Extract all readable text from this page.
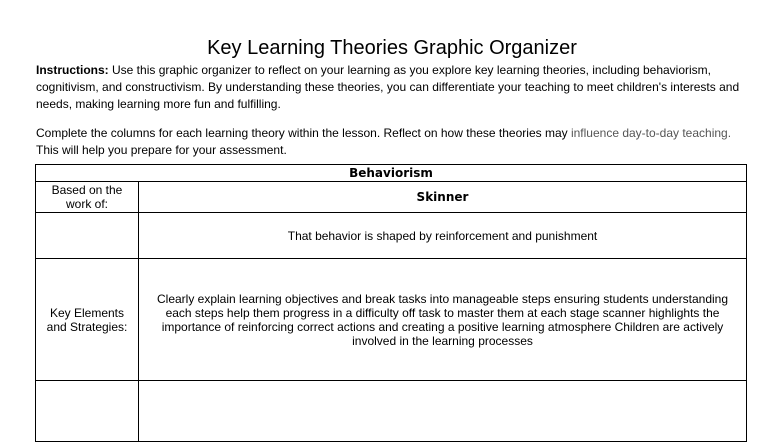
Key Learning Theories Graphic Organizer
Instructions: Use this graphic organizer to reflect on your learning as you explore key learning theories, including behaviorism, cognitivism, and constructivism. By understanding these theories, you can differentiate your teaching to meet children's interests and needs, making learning more fun and fulfilling.
Complete the columns for each learning theory within the lesson. Reflect on how these theories may influence day-to-day teaching. This will help you prepare for your assessment.
Behaviorism	
Based on the work of:	Skinner
	That behavior is shaped by reinforcement and punishment
Key Elements and Strategies:	Clearly explain learning objectives and break tasks into manageable steps ensuring students understanding each steps help them progress in a difficulty off task to master them at each stage scanner highlights the importance of reinforcing correct actions and creating a positive learning atmosphere Children are actively involved in the learning processes
